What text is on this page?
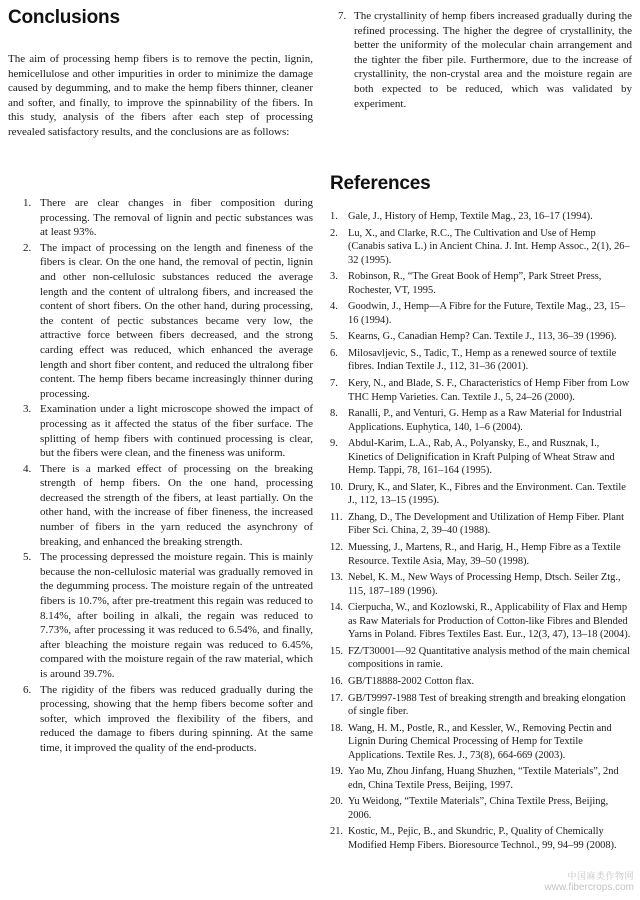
Conclusions

The aim of processing hemp fibers is to remove the pectin, lignin, hemicellulose and other impurities in order to minimize the damage caused by degumming, and to make the hemp fibers thinner, cleaner and softer, and finally, to improve the spinnability of the fibers. In this study, analysis of the fibers after each step of processing revealed satisfactory results, and the conclusions are as follows:

1. There are clear changes in fiber composition during processing. The removal of lignin and pectic substances was at least 93%.
2. The impact of processing on the length and fineness of the fibers is clear. On the one hand, the removal of pectin, lignin and other non-cellulosic substances reduced the average length and the content of ultralong fibers, and increased the content of short fibers. On the other hand, during processing, the content of pectic substances became very low, the attractive force between fibers decreased, and the strong carding effect was reduced, which enhanced the average length and short fiber content, and reduced the ultralong fiber content. The hemp fibers became increasingly thinner during processing.
3. Examination under a light microscope showed the impact of processing as it affected the status of the fiber surface. The splitting of hemp fibers with continued processing is clear, but the fibers were clean, and the fineness was uniform.
4. There is a marked effect of processing on the breaking strength of hemp fibers. On the one hand, processing decreased the strength of the fibers, at least partially. On the other hand, with the increase of fiber fineness, the increased number of fibers in the yarn reduced the asynchrony of breaking, and enhanced the breaking strength.
5. The processing depressed the moisture regain. This is mainly because the non-cellulosic material was gradually removed in the degumming process. The moisture regain of the untreated fibers is 10.7%, after pre-treatment this regain was reduced to 8.14%, after boiling in alkali, the regain was reduced to 7.73%, after processing it was reduced to 6.54%, and finally, after bleaching the moisture regain was reduced to 6.45%, compared with the moisture regain of the raw material, which is around 39.7%.
6. The rigidity of the fibers was reduced gradually during the processing, showing that the hemp fibers become softer and softer, which improved the flexibility of the fibers, and reduced the damage to fibers during spinning. At the same time, it improved the quality of the end-products.
7. The crystallinity of hemp fibers increased gradually during the refined processing. The higher the degree of crystallinity, the better the uniformity of the molecular chain arrangement and the tighter the fiber pile. Furthermore, due to the increase of crystallinity, the non-crystal area and the moisture regain are both expected to be reduced, which was validated by experiment.
References
1. Gale, J., History of Hemp, Textile Mag., 23, 16–17 (1994).
2. Lu, X., and Clarke, R.C., The Cultivation and Use of Hemp (Canabis sativa L.) in Ancient China. J. Int. Hemp Assoc., 2(1), 26–32 (1995).
3. Robinson, R., “The Great Book of Hemp”, Park Street Press, Rochester, VT, 1995.
4. Goodwin, J., Hemp—A Fibre for the Future, Textile Mag., 23, 15–16 (1994).
5. Kearns, G., Canadian Hemp? Can. Textile J., 113, 36–39 (1996).
6. Milosavljevic, S., Tadic, T., Hemp as a renewed source of textile fibres. Indian Textile J., 112, 31–36 (2001).
7. Kery, N., and Blade, S. F., Characteristics of Hemp Fiber from Low THC Hemp Varieties. Can. Textile J., 5, 24–26 (2000).
8. Ranalli, P., and Venturi, G. Hemp as a Raw Material for Industrial Applications. Euphytica, 140, 1–6 (2004).
9. Abdul-Karim, L.A., Rab, A., Polyansky, E., and Rusznak, I., Kinetics of Delignification in Kraft Pulping of Wheat Straw and Hemp. Tappi, 78, 161–164 (1995).
10. Drury, K., and Slater, K., Fibres and the Environment. Can. Textile J., 112, 13–15 (1995).
11. Zhang, D., The Development and Utilization of Hemp Fiber. Plant Fiber Sci. China, 2, 39–40 (1988).
12. Muessing, J., Martens, R., and Harig, H., Hemp Fibre as a Textile Resource. Textile Asia, May, 39–50 (1998).
13. Nebel, K. M., New Ways of Processing Hemp, Dtsch. Seiler Ztg., 115, 187–189 (1996).
14. Cierpucha, W., and Kozlowski, R., Applicability of Flax and Hemp as Raw Materials for Production of Cotton-like Fibres and Blended Yarns in Poland. Fibres Textiles East. Eur., 12(3, 47), 13–18 (2004).
15. FZ/T30001—92 Quantitative analysis method of the main chemical compositions in ramie.
16. GB/T18888-2002 Cotton flax.
17. GB/T9997-1988 Test of breaking strength and breaking elongation of single fiber.
18. Wang, H. M., Postle, R., and Kessler, W., Removing Pectin and Lignin During Chemical Processing of Hemp for Textile Applications. Textile Res. J., 73(8), 664-669 (2003).
19. Yao Mu, Zhou Jinfang, Huang Shuzhen, “Textile Materials”, 2nd edn, China Textile Press, Beijing, 1997.
20. Yu Weidong, “Textile Materials”, China Textile Press, Beijing, 2006.
21. Kostic, M., Pejic, B., and Skundric, P., Quality of Chemically Modified Hemp Fibers. Bioresource Technol., 99, 94–99 (2008).
中国麻类作物网
www.fibercrops.com
